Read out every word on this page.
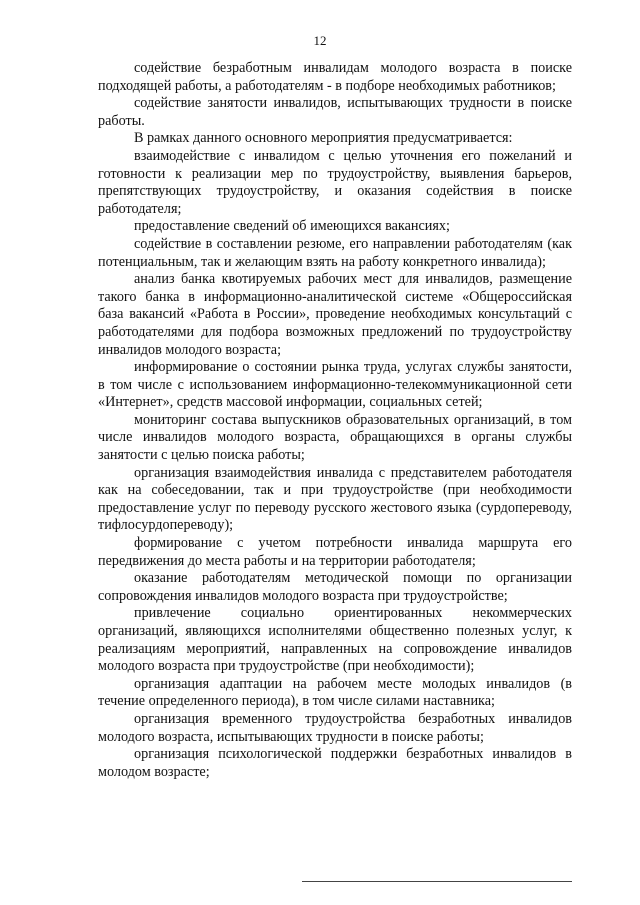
12

содействие безработным инвалидам молодого возраста в поиске подходящей работы, а работодателям - в подборе необходимых работников;

содействие занятости инвалидов, испытывающих трудности в поиске работы.

В рамках данного основного мероприятия предусматривается:

взаимодействие с инвалидом с целью уточнения его пожеланий и готовности к реализации мер по трудоустройству, выявления барьеров, препятствующих трудоустройству, и оказания содействия в поиске работодателя;

предоставление сведений об имеющихся вакансиях;

содействие в составлении резюме, его направлении работодателям (как потенциальным, так и желающим взять на работу конкретного инвалида);

анализ банка квотируемых рабочих мест для инвалидов, размещение такого банка в информационно-аналитической системе «Общероссийская база вакансий «Работа в России», проведение необходимых консультаций с работодателями для подбора возможных предложений по трудоустройству инвалидов молодого возраста;

информирование о состоянии рынка труда, услугах службы занятости, в том числе с использованием информационно-телекоммуникационной сети «Интернет», средств массовой информации, социальных сетей;

мониторинг состава выпускников образовательных организаций, в том числе инвалидов молодого возраста, обращающихся в органы службы занятости с целью поиска работы;

организация взаимодействия инвалида с представителем работодателя как на собеседовании, так и при трудоустройстве (при необходимости предоставление услуг по переводу русского жестового языка (сурдопереводу, тифлосурдопереводу);

формирование с учетом потребности инвалида маршрута его передвижения до места работы и на территории работодателя;

оказание работодателям методической помощи по организации сопровождения инвалидов молодого возраста при трудоустройстве;

привлечение социально ориентированных некоммерческих организаций, являющихся исполнителями общественно полезных услуг, к реализациям мероприятий, направленных на сопровождение инвалидов молодого возраста при трудоустройстве (при необходимости);

организация адаптации на рабочем месте молодых инвалидов (в течение определенного периода), в том числе силами наставника;

организация временного трудоустройства безработных инвалидов молодого возраста, испытывающих трудности в поиске работы;

организация психологической поддержки безработных инвалидов в молодом возрасте;
